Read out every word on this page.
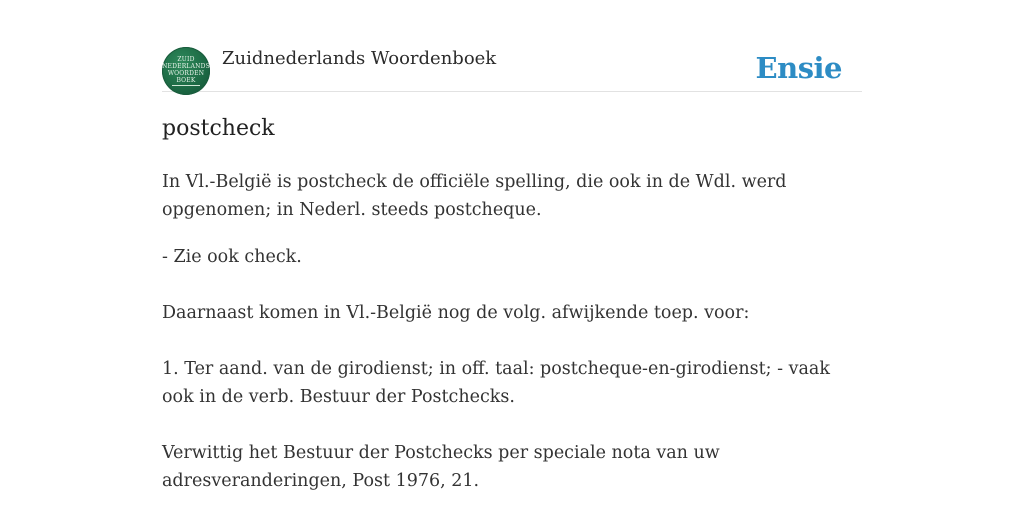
ZUID
NEDERLANDS
WOORDEN
BOEK
Zuidnederlands Woordenboek	Ensie
postcheck

In Vl.-België is postcheck de officiële spelling, die ook in de Wdl. werd opgenomen; in Nederl. steeds postcheque.

- Zie ook check.

Daarnaast komen in Vl.-België nog de volg. afwijkende toep. voor:

1. Ter aand. van de girodienst; in off. taal: postcheque-en-girodienst; - vaak ook in de verb. Bestuur der Postchecks.

Verwittig het Bestuur der Postchecks per speciale nota van uw adresveranderingen, Post 1976, 21.
